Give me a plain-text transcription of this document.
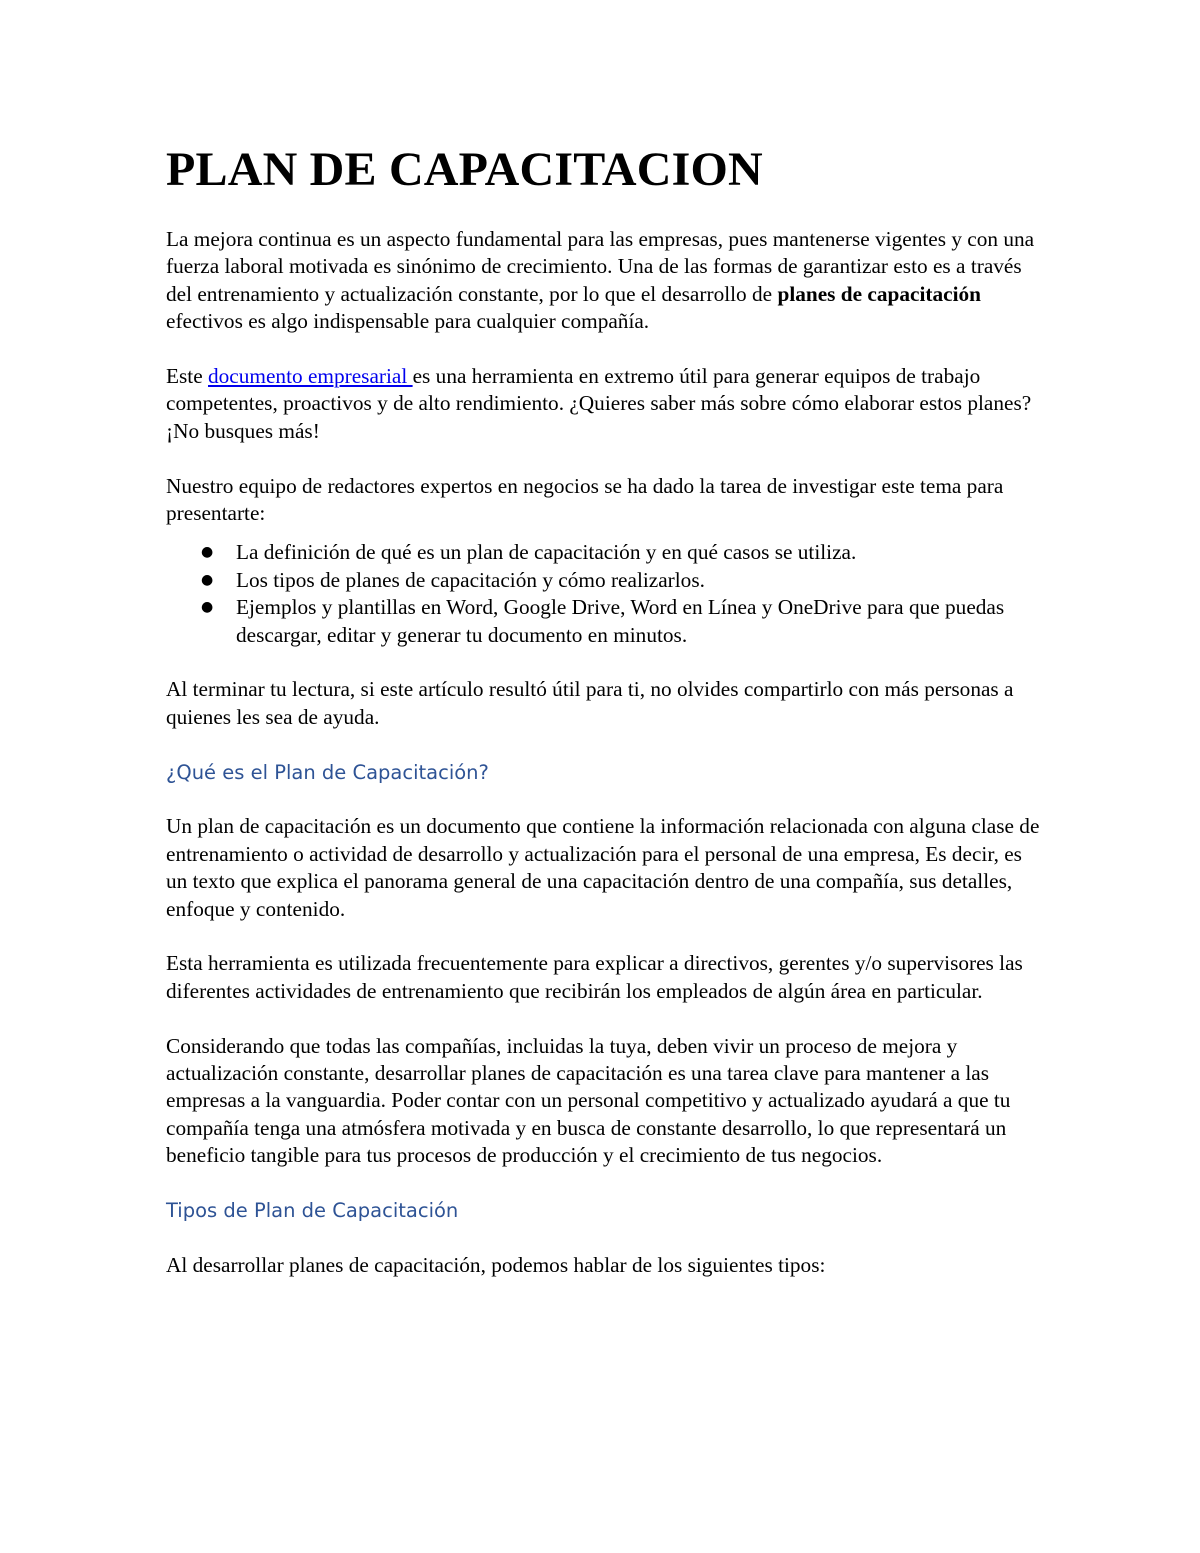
PLAN DE CAPACITACION

La mejora continua es un aspecto fundamental para las empresas, pues mantenerse vigentes y con una fuerza laboral motivada es sinónimo de crecimiento. Una de las formas de garantizar esto es a través del entrenamiento y actualización constante, por lo que el desarrollo de planes de capacitación efectivos es algo indispensable para cualquier compañía.

Este documento empresarial es una herramienta en extremo útil para generar equipos de trabajo competentes, proactivos y de alto rendimiento. ¿Quieres saber más sobre cómo elaborar estos planes? ¡No busques más!

Nuestro equipo de redactores expertos en negocios se ha dado la tarea de investigar este tema para presentarte:

● La definición de qué es un plan de capacitación y en qué casos se utiliza.
● Los tipos de planes de capacitación y cómo realizarlos.
● Ejemplos y plantillas en Word, Google Drive, Word en Línea y OneDrive para que puedas descargar, editar y generar tu documento en minutos.

Al terminar tu lectura, si este artículo resultó útil para ti, no olvides compartirlo con más personas a quienes les sea de ayuda.

¿Qué es el Plan de Capacitación?

Un plan de capacitación es un documento que contiene la información relacionada con alguna clase de entrenamiento o actividad de desarrollo y actualización para el personal de una empresa, Es decir, es un texto que explica el panorama general de una capacitación dentro de una compañía, sus detalles, enfoque y contenido.

Esta herramienta es utilizada frecuentemente para explicar a directivos, gerentes y/o supervisores las diferentes actividades de entrenamiento que recibirán los empleados de algún área en particular.

Considerando que todas las compañías, incluidas la tuya, deben vivir un proceso de mejora y actualización constante, desarrollar planes de capacitación es una tarea clave para mantener a las empresas a la vanguardia. Poder contar con un personal competitivo y actualizado ayudará a que tu compañía tenga una atmósfera motivada y en busca de constante desarrollo, lo que representará un beneficio tangible para tus procesos de producción y el crecimiento de tus negocios.

Tipos de Plan de Capacitación

Al desarrollar planes de capacitación, podemos hablar de los siguientes tipos:
